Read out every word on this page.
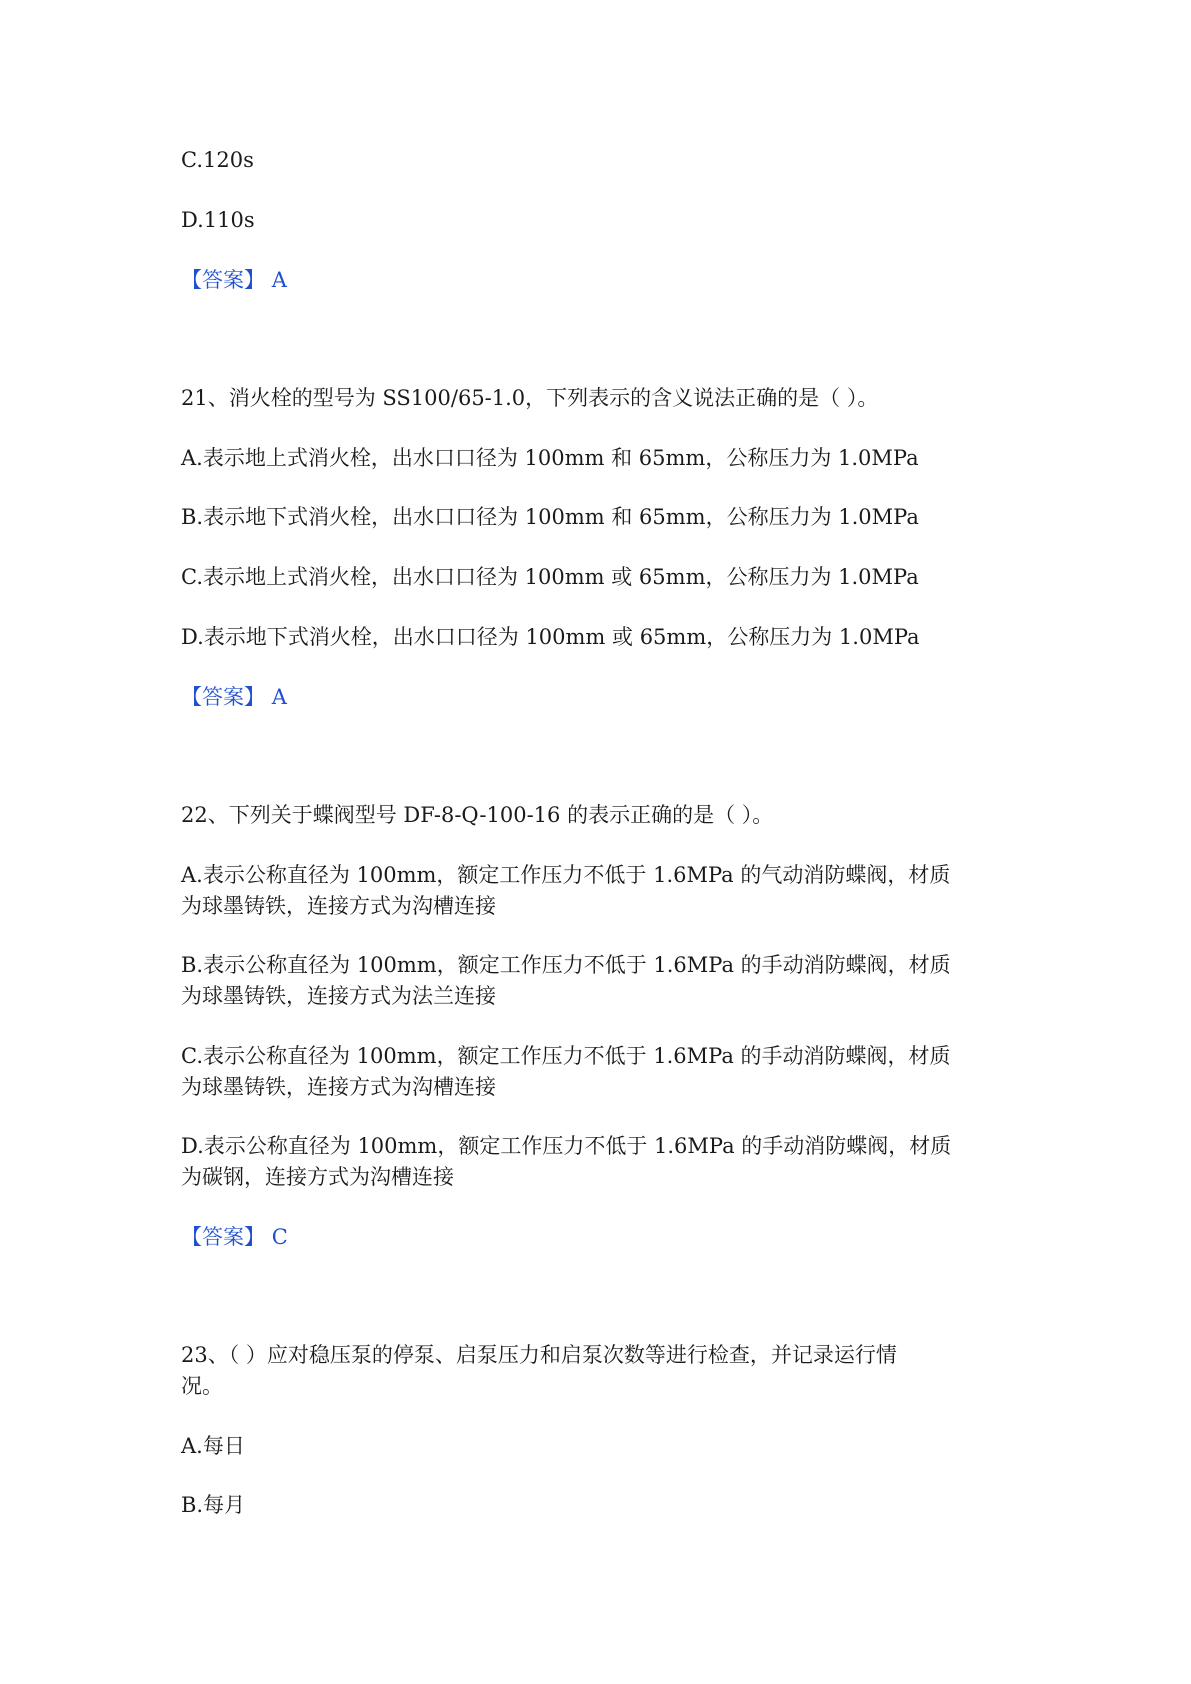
C.120s
D.110s
【答案】 A
21、消火栓的型号为 SS100/65-1.0，下列表示的含义说法正确的是（ ）。
A.表示地上式消火栓，出水口口径为 100mm 和 65mm，公称压力为 1.0MPa
B.表示地下式消火栓，出水口口径为 100mm 和 65mm，公称压力为 1.0MPa
C.表示地上式消火栓，出水口口径为 100mm 或 65mm，公称压力为 1.0MPa
D.表示地下式消火栓，出水口口径为 100mm 或 65mm，公称压力为 1.0MPa
【答案】 A
22、下列关于蝶阀型号 DF-8-Q-100-16 的表示正确的是（ ）。
A.表示公称直径为 100mm，额定工作压力不低于 1.6MPa 的气动消防蝶阀，材质
为球墨铸铁，连接方式为沟槽连接
B.表示公称直径为 100mm，额定工作压力不低于 1.6MPa 的手动消防蝶阀，材质
为球墨铸铁，连接方式为法兰连接
C.表示公称直径为 100mm，额定工作压力不低于 1.6MPa 的手动消防蝶阀，材质
为球墨铸铁，连接方式为沟槽连接
D.表示公称直径为 100mm，额定工作压力不低于 1.6MPa 的手动消防蝶阀，材质
为碳钢，连接方式为沟槽连接
【答案】 C
23、（ ）应对稳压泵的停泵、启泵压力和启泵次数等进行检查，并记录运行情
况。
A.每日
B.每月
